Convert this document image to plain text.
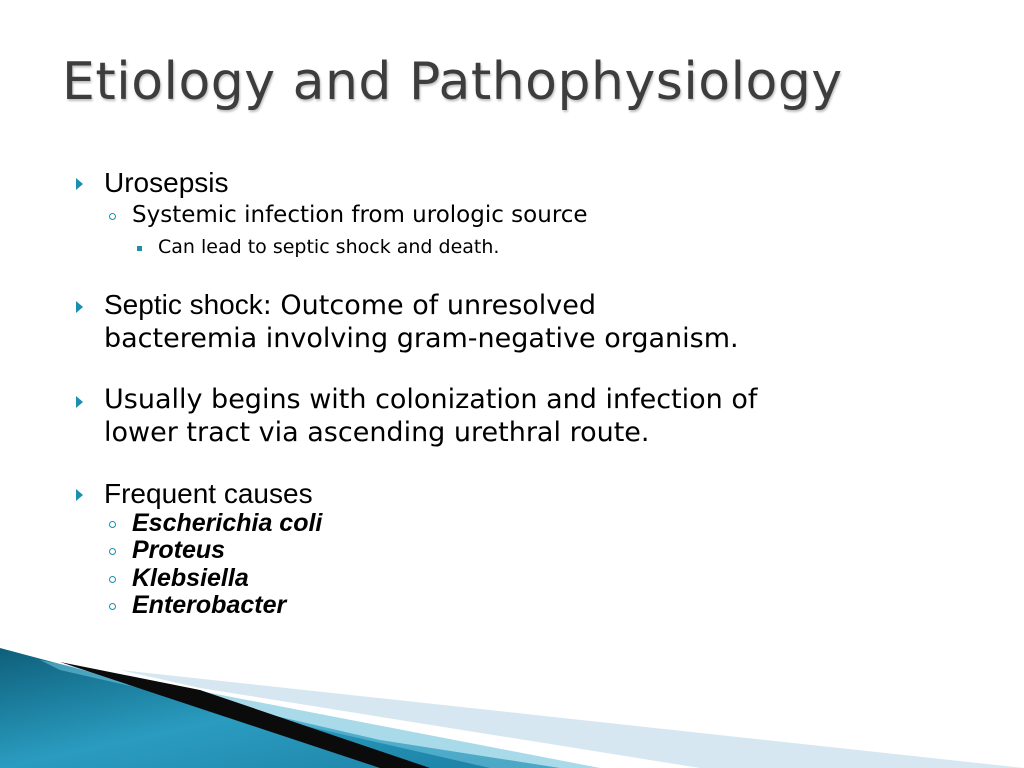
Etiology and Pathophysiology
Urosepsis
Systemic infection from urologic source
Can lead to septic shock and death.
Septic shock: Outcome of unresolved
bacteremia involving gram-negative organism.
Usually begins with colonization and infection of
lower tract via ascending urethral route.
Frequent causes
Escherichia coli
Proteus
Klebsiella
Enterobacter
